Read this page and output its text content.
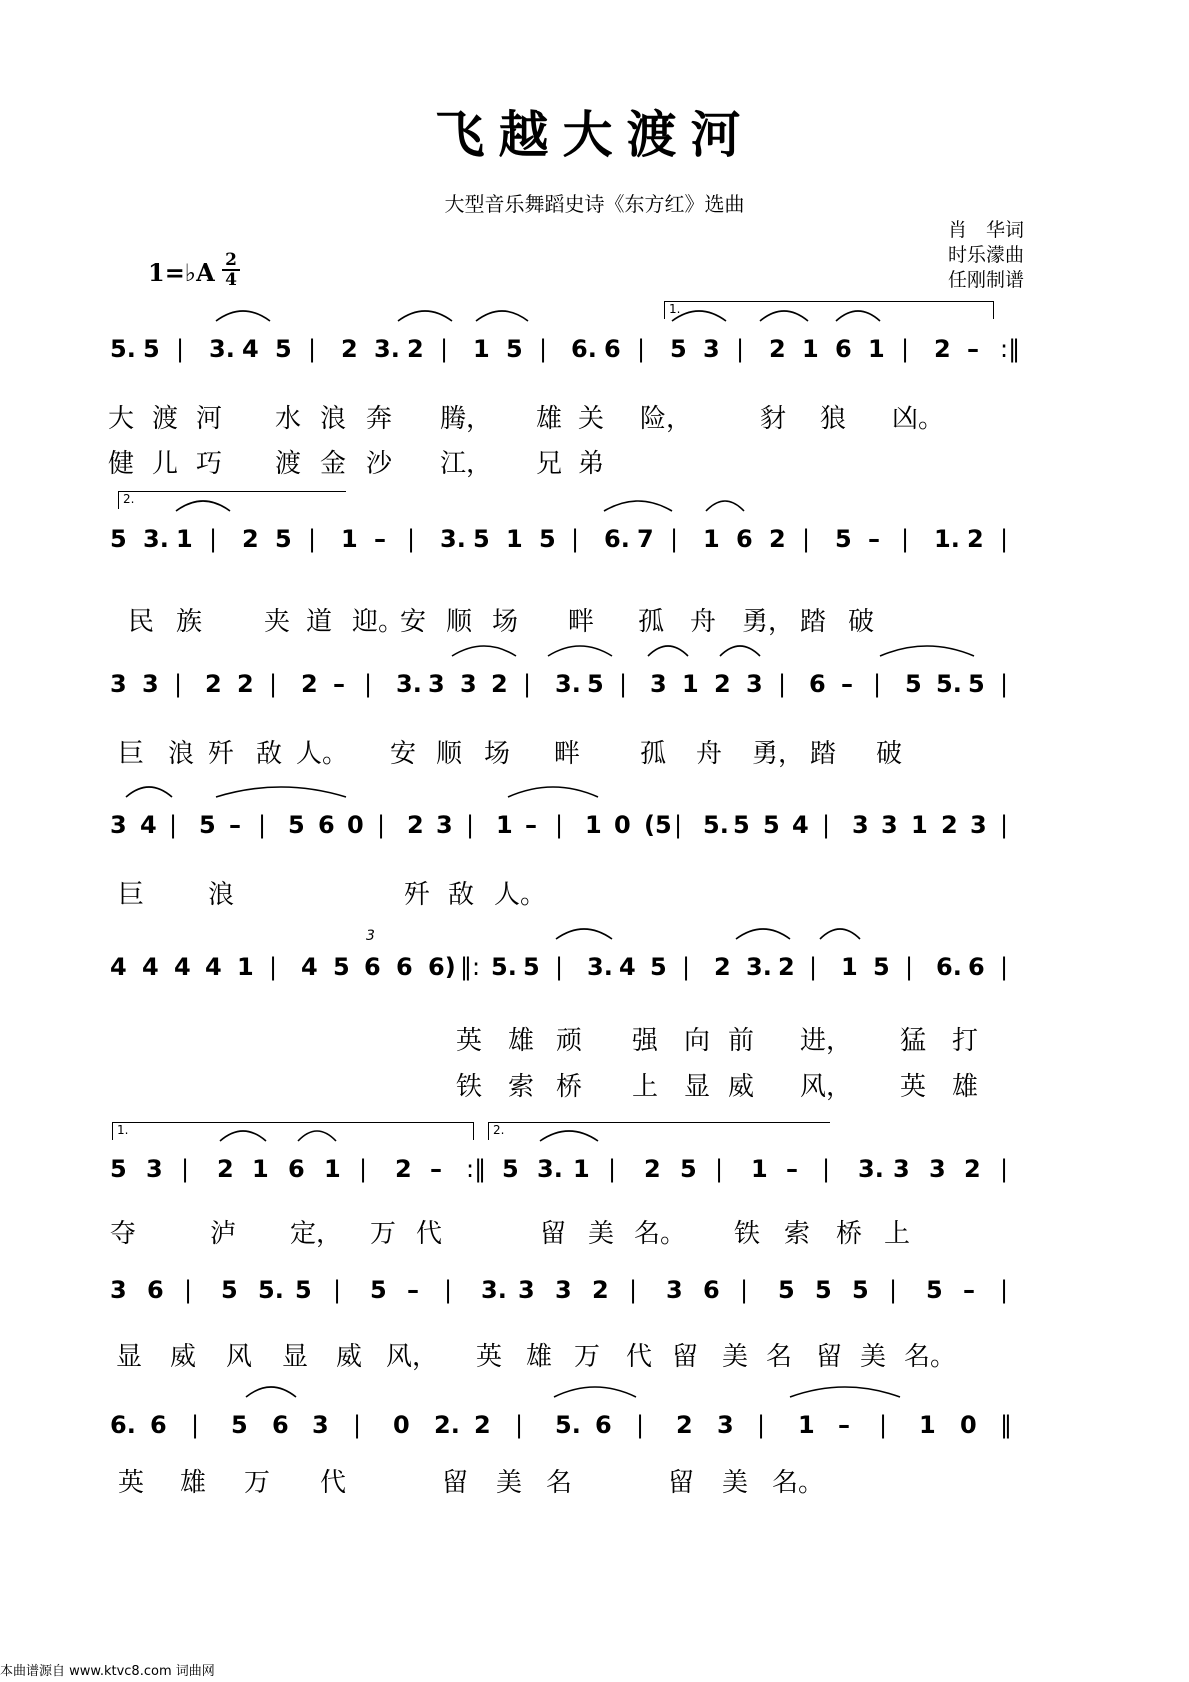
飞越大渡河
大型音乐舞蹈史诗《东方红》选曲
肖　华词
时乐濛曲
任刚制谱
1=♭A 2
4
1.
2.
1.	2.
5. 5 | 3. 4 5 | 2 3. 2 | 1 5 | 6. 6 | 5 3 | 2 1 6 1 | 2 – :‖
大 渡 河 水 浪 奔 腾， 雄 关 险，	豺 狼 凶。
健 儿 巧 渡 金 沙 江， 兄 弟
5 3. 1 | 2 5 | 1 – | 3. 5 1 5 | 6. 7 | 1 6 2 | 5 – | 1. 2 |
民 族 夹 道 迎。
安 顺 场 畔 孤 舟 勇， 踏 破
3 3 | 2 2 | 2 – | 3. 3 3 2 | 3. 5 | 3 1 2 3 | 6 – | 5 5. 5 |
巨 浪 歼 敌 人。 安 顺 场 畔 孤 舟 勇， 踏 破
3 4 | 5 – | 5 6 0 | 2 3 | 1 – | 1 0 (5 | 5. 5 5 4 | 3 3 1 2 3 |
巨 浪	歼 敌 人。
4 4 4 4 1 | 4 5 6 6 6) ‖: 5. 5 | 3. 4 5 | 2 3. 2 | 1 5 | 6. 6 |
英 雄 顽 强 向 前 进， 猛 打
铁 索 桥 上 显 威 风， 英 雄
5 3 | 2 1 6 1 | 2 – :‖ 5 3. 1 | 2 5 | 1 – | 3. 3 3 2 |
夺	泸 定， 万 代	留 美 名。 铁 索 桥 上
3 6 | 5 5. 5 | 5 – | 3. 3 3 2 | 3 6 | 5 5 5 | 5 – |
显 威 风 显 威 风， 英 雄 万 代 留 美 名 留 美 名。
6. 6 | 5 6 3 | 0 2. 2 | 5. 6 | 2 3 | 1 – | 1 0 ‖
英 雄 万 代	留 美 名	留 美 名。
3
本曲谱源自 www.ktvc8.com 词曲网
